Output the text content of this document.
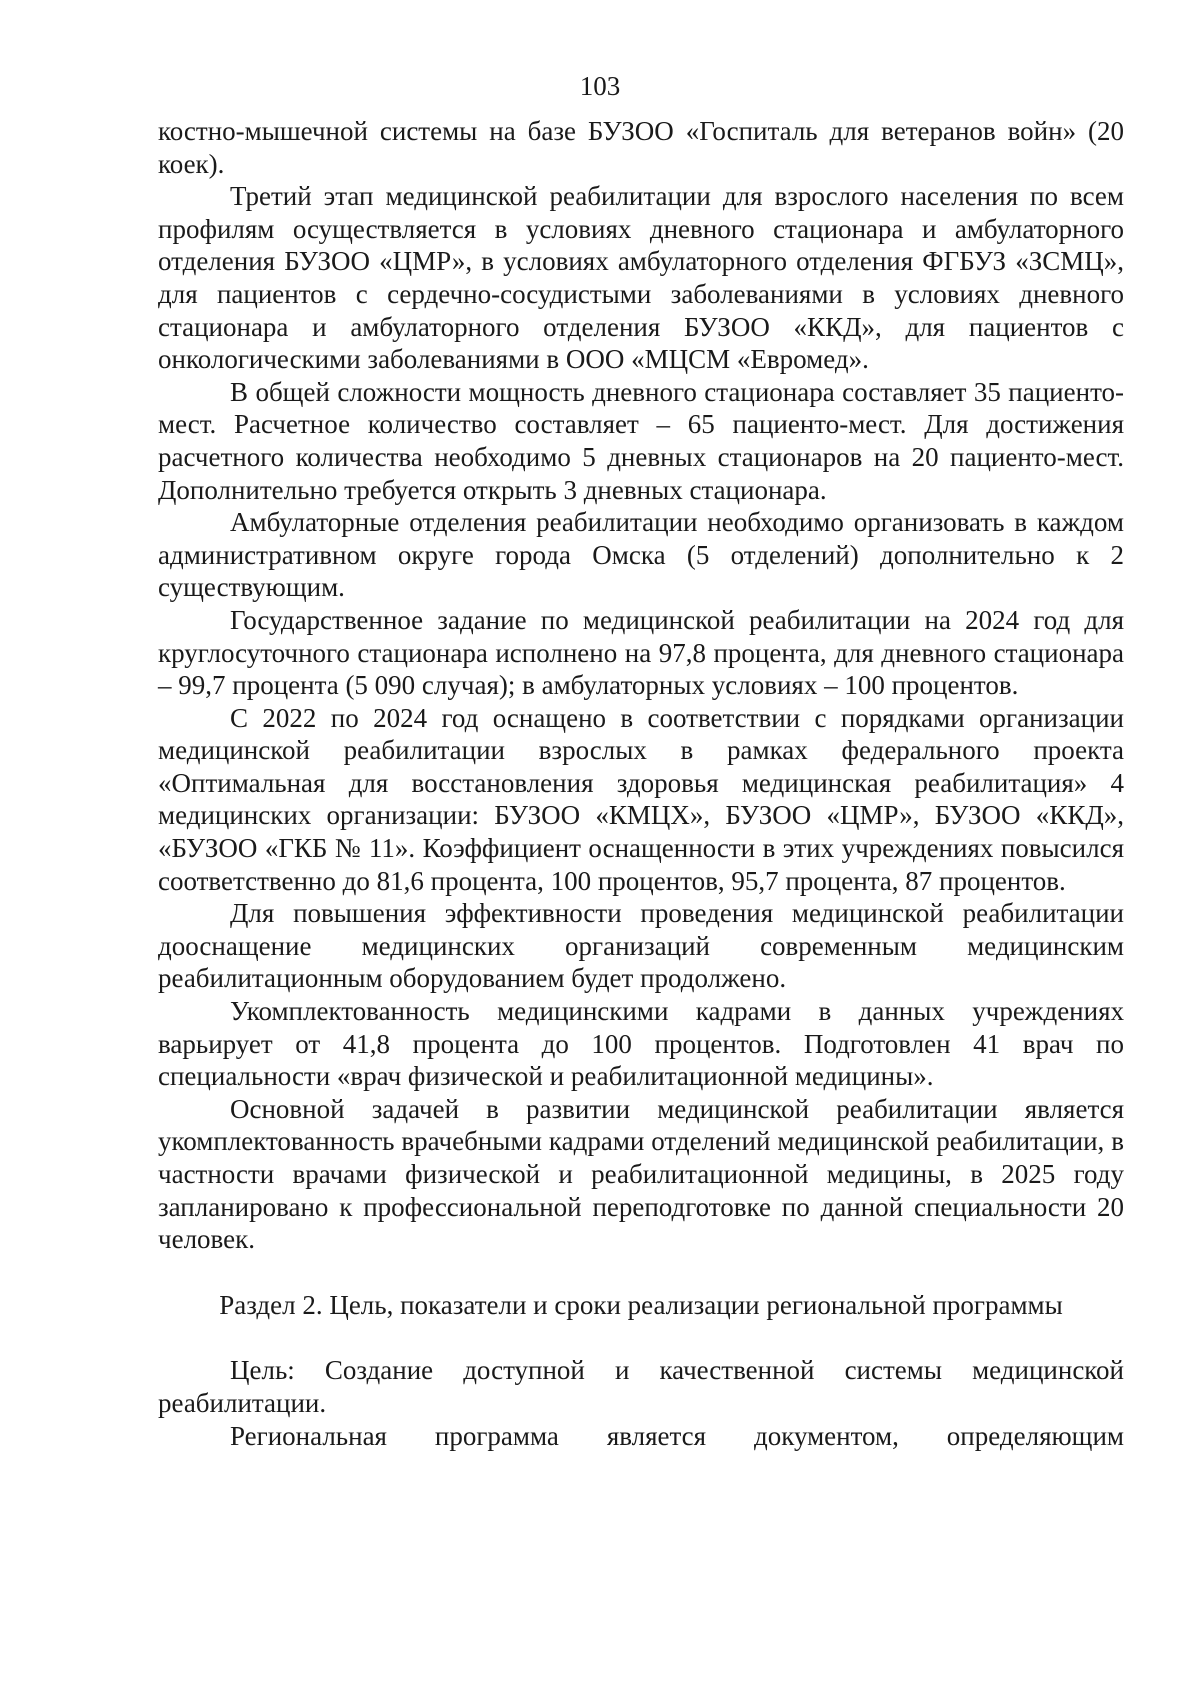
103

костно-мышечной системы на базе БУЗОО «Госпиталь для ветеранов войн» (20 коек).

Третий этап медицинской реабилитации для взрослого населения по всем профилям осуществляется в условиях дневного стационара и амбулаторного отделения БУЗОО «ЦМР», в условиях амбулаторного отделения ФГБУЗ «ЗСМЦ», для пациентов с сердечно-сосудистыми заболеваниями в условиях дневного стационара и амбулаторного отделения БУЗОО «ККД», для пациентов с онкологическими заболеваниями в ООО «МЦСМ «Евромед».

В общей сложности мощность дневного стационара составляет 35 пациенто-мест. Расчетное количество составляет – 65 пациенто-мест. Для достижения расчетного количества необходимо 5 дневных стационаров на 20 пациенто-мест. Дополнительно требуется открыть 3 дневных стационара.

Амбулаторные отделения реабилитации необходимо организовать в каждом административном округе города Омска (5 отделений) дополнительно к 2 существующим.

Государственное задание по медицинской реабилитации на 2024 год для круглосуточного стационара исполнено на 97,8 процента, для дневного стационара – 99,7 процента (5 090 случая); в амбулаторных условиях – 100 процентов.

С 2022 по 2024 год оснащено в соответствии с порядками организации медицинской реабилитации взрослых в рамках федерального проекта «Оптимальная для восстановления здоровья медицинская реабилитация» 4 медицинских организации: БУЗОО «КМЦХ», БУЗОО «ЦМР», БУЗОО «ККД», «БУЗОО «ГКБ № 11». Коэффициент оснащенности в этих учреждениях повысился соответственно до 81,6 процента, 100 процентов, 95,7 процента, 87 процентов.

Для повышения эффективности проведения медицинской реабилитации дооснащение медицинских организаций современным медицинским реабилитационным оборудованием будет продолжено.

Укомплектованность медицинскими кадрами в данных учреждениях варьирует от 41,8 процента до 100 процентов. Подготовлен 41 врач по специальности «врач физической и реабилитационной медицины».

Основной задачей в развитии медицинской реабилитации является укомплектованность врачебными кадрами отделений медицинской реабилитации, в частности врачами физической и реабилитационной медицины, в 2025 году запланировано к профессиональной переподготовке по данной специальности 20 человек.

Раздел 2. Цель, показатели и сроки реализации региональной программы

Цель: Создание доступной и качественной системы медицинской реабилитации.

Региональная программа является документом, определяющим
